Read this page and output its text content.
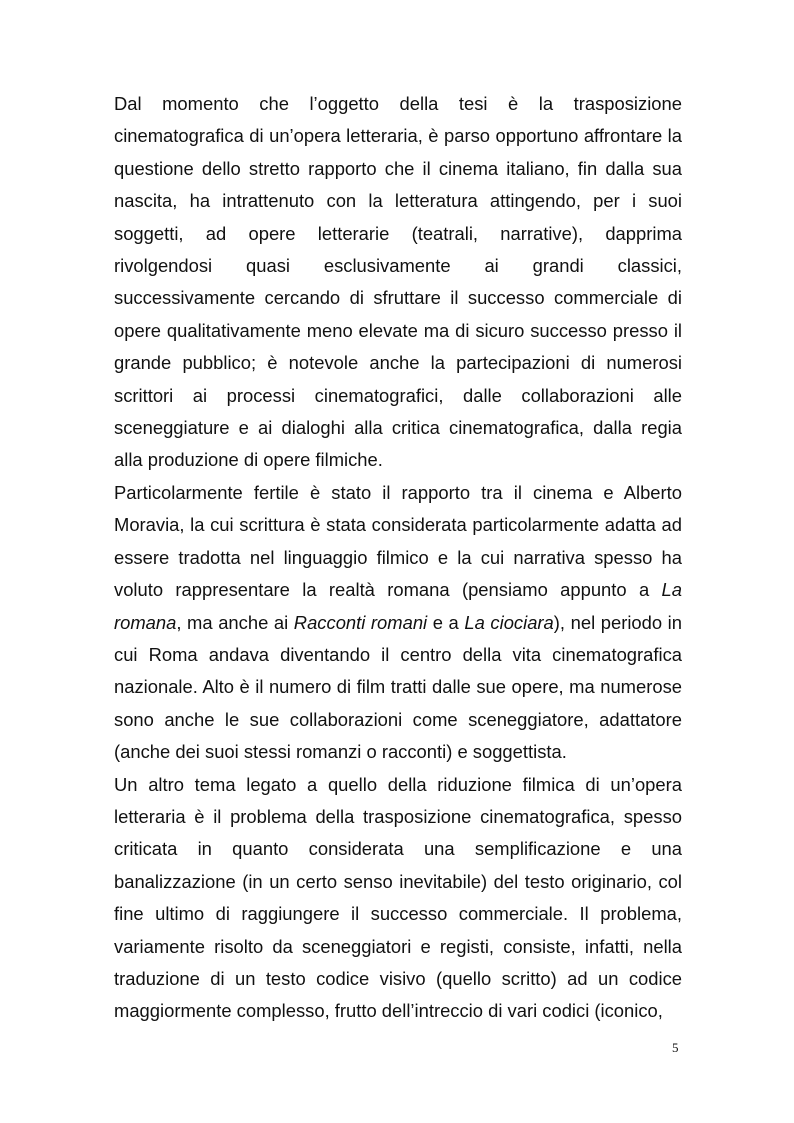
Dal momento che l’oggetto della tesi è la trasposizione cinematografica di un’opera letteraria, è parso opportuno affrontare la questione dello stretto rapporto che il cinema italiano, fin dalla sua nascita, ha intrattenuto con la letteratura attingendo, per i suoi soggetti, ad opere letterarie (teatrali, narrative), dapprima rivolgendosi quasi esclusivamente ai grandi classici, successivamente cercando di sfruttare il successo commerciale di opere qualitativamente meno elevate ma di sicuro successo presso il grande pubblico; è notevole anche la partecipazioni di numerosi scrittori ai processi cinematografici, dalle collaborazioni alle sceneggiature e ai dialoghi alla critica cinematografica, dalla regia alla produzione di opere filmiche.

Particolarmente fertile è stato il rapporto tra il cinema e Alberto Moravia, la cui scrittura è stata considerata particolarmente adatta ad essere tradotta nel linguaggio filmico e la cui narrativa spesso ha voluto rappresentare la realtà romana (pensiamo appunto a La romana, ma anche ai Racconti romani e a La ciociara), nel periodo in cui Roma andava diventando il centro della vita cinematografica nazionale. Alto è il numero di film tratti dalle sue opere, ma numerose sono anche le sue collaborazioni come sceneggiatore, adattatore (anche dei suoi stessi romanzi o racconti) e soggettista.

Un altro tema legato a quello della riduzione filmica di un’opera letteraria è il problema della trasposizione cinematografica, spesso criticata in quanto considerata una semplificazione e una banalizzazione (in un certo senso inevitabile) del testo originario, col fine ultimo di raggiungere il successo commerciale. Il problema, variamente risolto da sceneggiatori e registi, consiste, infatti, nella traduzione di un testo codice visivo (quello scritto) ad un codice maggiormente complesso, frutto dell’intreccio di vari codici (iconico,

5
